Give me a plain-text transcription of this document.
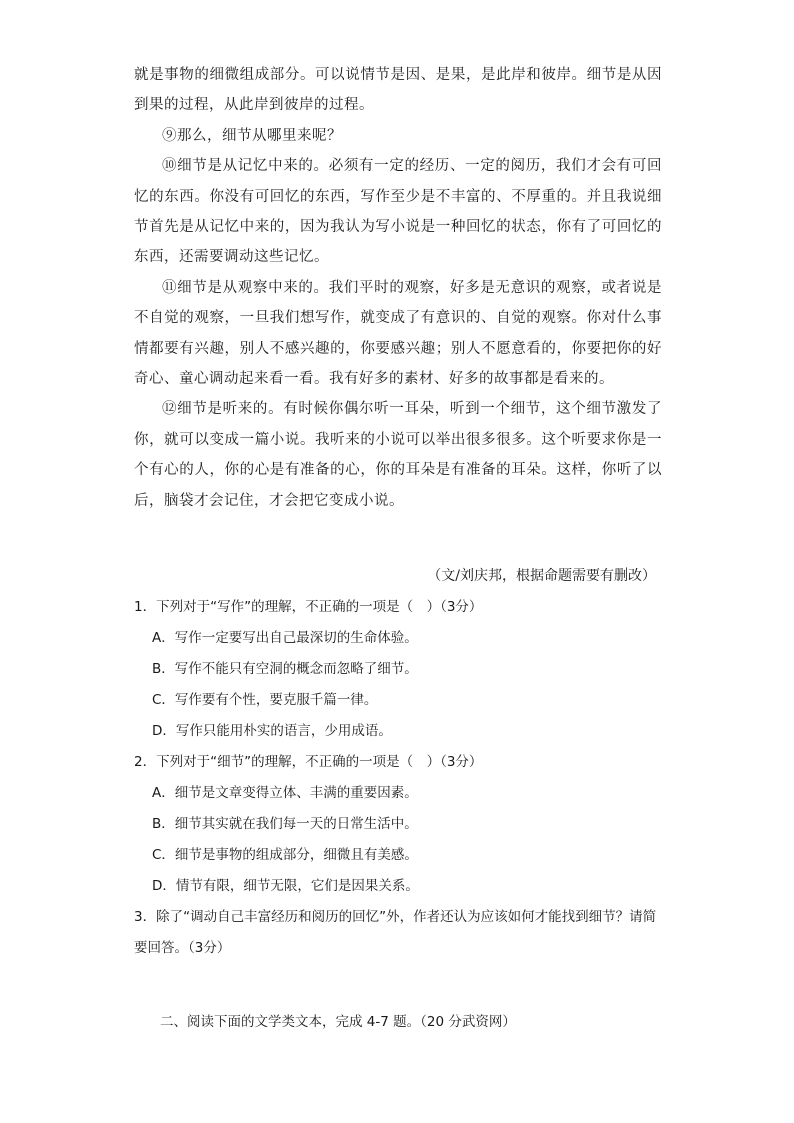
就是事物的细微组成部分。可以说情节是因、是果，是此岸和彼岸。细节是从因到果的过程，从此岸到彼岸的过程。

⑨那么，细节从哪里来呢？

⑩细节是从记忆中来的。必须有一定的经历、一定的阅历，我们才会有可回忆的东西。你没有可回忆的东西，写作至少是不丰富的、不厚重的。并且我说细节首先是从记忆中来的，因为我认为写小说是一种回忆的状态，你有了可回忆的东西，还需要调动这些记忆。

⑪细节是从观察中来的。我们平时的观察，好多是无意识的观察，或者说是不自觉的观察，一旦我们想写作，就变成了有意识的、自觉的观察。你对什么事情都要有兴趣，别人不感兴趣的，你要感兴趣；别人不愿意看的，你要把你的好奇心、童心调动起来看一看。我有好多的素材、好多的故事都是看来的。

⑫细节是听来的。有时候你偶尔听一耳朵，听到一个细节，这个细节激发了你，就可以变成一篇小说。我听来的小说可以举出很多很多。这个听要求你是一个有心的人，你的心是有准备的心，你的耳朵是有准备的耳朵。这样，你听了以后，脑袋才会记住，才会把它变成小说。

（文/刘庆邦，根据命题需要有删改）

1．下列对于“写作”的理解，不正确的一项是（　）（3分）

A．写作一定要写出自己最深切的生命体验。

B．写作不能只有空洞的概念而忽略了细节。

C．写作要有个性，要克服千篇一律。

D．写作只能用朴实的语言，少用成语。

2．下列对于“细节”的理解，不正确的一项是（　）（3分）

A．细节是文章变得立体、丰满的重要因素。

B．细节其实就在我们每一天的日常生活中。

C．细节是事物的组成部分，细微且有美感。

D．情节有限，细节无限，它们是因果关系。

3．除了“调动自己丰富经历和阅历的回忆”外，作者还认为应该如何才能找到细节？请简要回答。（3分）

二、阅读下面的文学类文本，完成 4-7 题。（20 分武资网）
